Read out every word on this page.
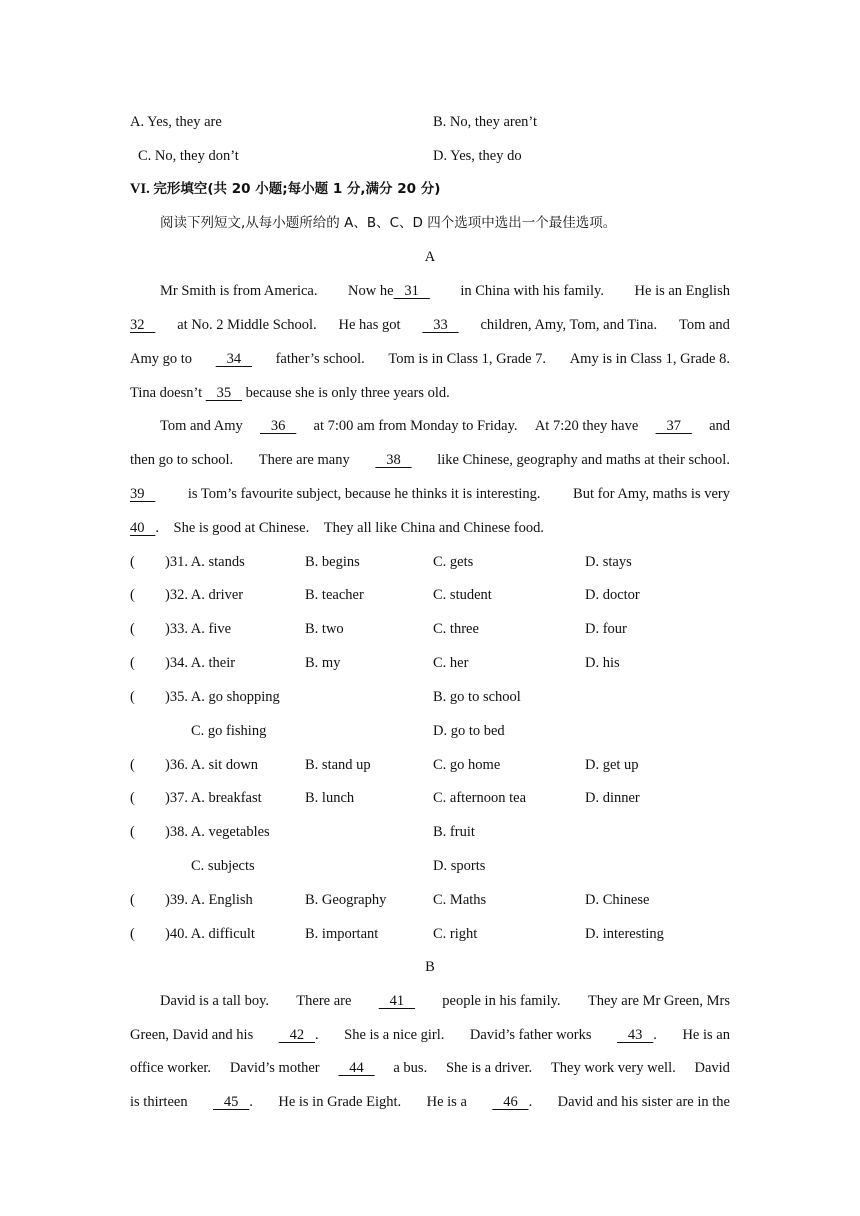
A. Yes, they are	B. No, they aren’t
C. No, they don’t	D. Yes, they do
VI. 完形填空(共 20 小题;每小题 1 分,满分 20 分)
阅读下列短文,从每小题所给的 A、B、C、D 四个选项中选出一个最佳选项。
A
Mr Smith is from America. Now he   31 in China with his family. He is an English
32 at No. 2 Middle School. He has got 33 children, Amy, Tom, and Tina. Tom and
Amy go to 34 father’s school. Tom is in Class 1, Grade 7. Amy is in Class 1, Grade 8.
Tina doesn’t    35    because she is only three years old.
Tom and Amy 36 at 7:00 am from Monday to Friday. At 7:20 they have 37 and
then go to school. There are many 38 like Chinese, geography and maths at their school.
39 is Tom’s favourite subject, because he thinks it is interesting. But for Amy, maths is very
40   . She is good at Chinese. They all like China and Chinese food.
( )31. A. stands	B. begins	C. gets	D. stays
( )32. A. driver	B. teacher	C. student	D. doctor
( )33. A. five	B. two	C. three	D. four
( )34. A. their	B. my	C. her	D. his
( )35. A. go shopping	B. go to school
C. go fishing	D. go to bed
( )36. A. sit down	B. stand up	C. go home	D. get up
( )37. A. breakfast	B. lunch	C. afternoon tea	D. dinner
( )38. A. vegetables	B. fruit
C. subjects	D. sports
( )39. A. English	B. Geography	C. Maths	D. Chinese
( )40. A. difficult	B. important	C. right	D. interesting
B
David is a tall boy. There are 41 people in his family. They are Mr Green, Mrs
Green, David and his 42   . She is a nice girl. David’s father works 43   . He is an
office worker. David’s mother 44 a bus. She is a driver. They work very well. David
is thirteen 45   . He is in Grade Eight. He is a 46   . David and his sister are in the
